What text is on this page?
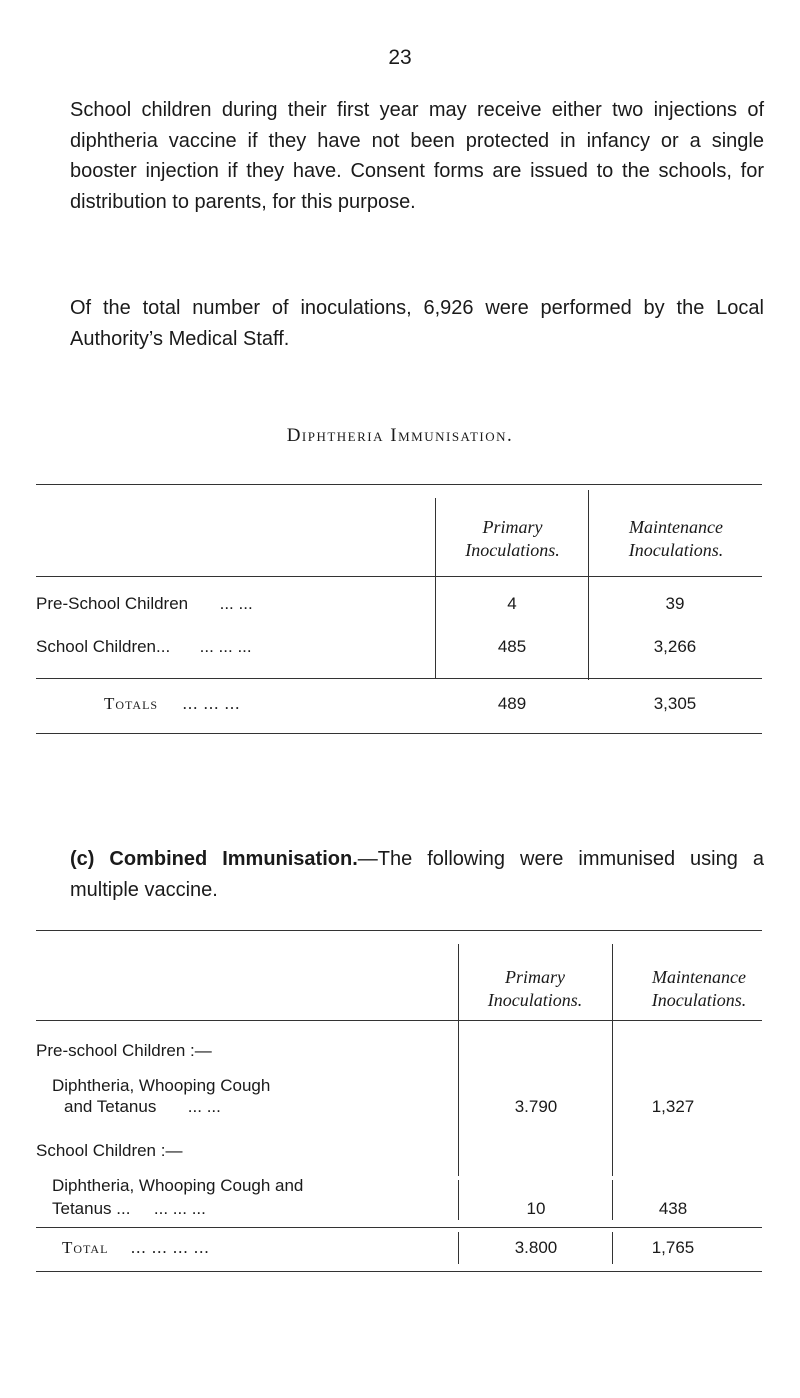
23

School children during their first year may receive either two injections of diphtheria vaccine if they have not been protected in infancy or a single booster injection if they have. Consent forms are issued to the schools, for distribution to parents, for this purpose.

Of the total number of inoculations, 6,926 were performed by the Local Authority’s Medical Staff.

Diphtheria Immunisation.
Primary Inoculations.
Maintenance Inoculations.
Pre-School Children ... ...	4	39
School Children... ... ... ...	485	3,266
Totals ... ... ...	489	3,305

(c) Combined Immunisation.—The following were immunised using a multiple vaccine.

Primary Inoculations.
Maintenance Inoculations.
Pre-school Children :—
Diphtheria, Whooping Cough
and Tetanus ... ...	3.790	1,327
School Children :—
Diphtheria, Whooping Cough and
Tetanus ... ... ... ...	10	438
Total ... ... ... ...	3.800	1,765
